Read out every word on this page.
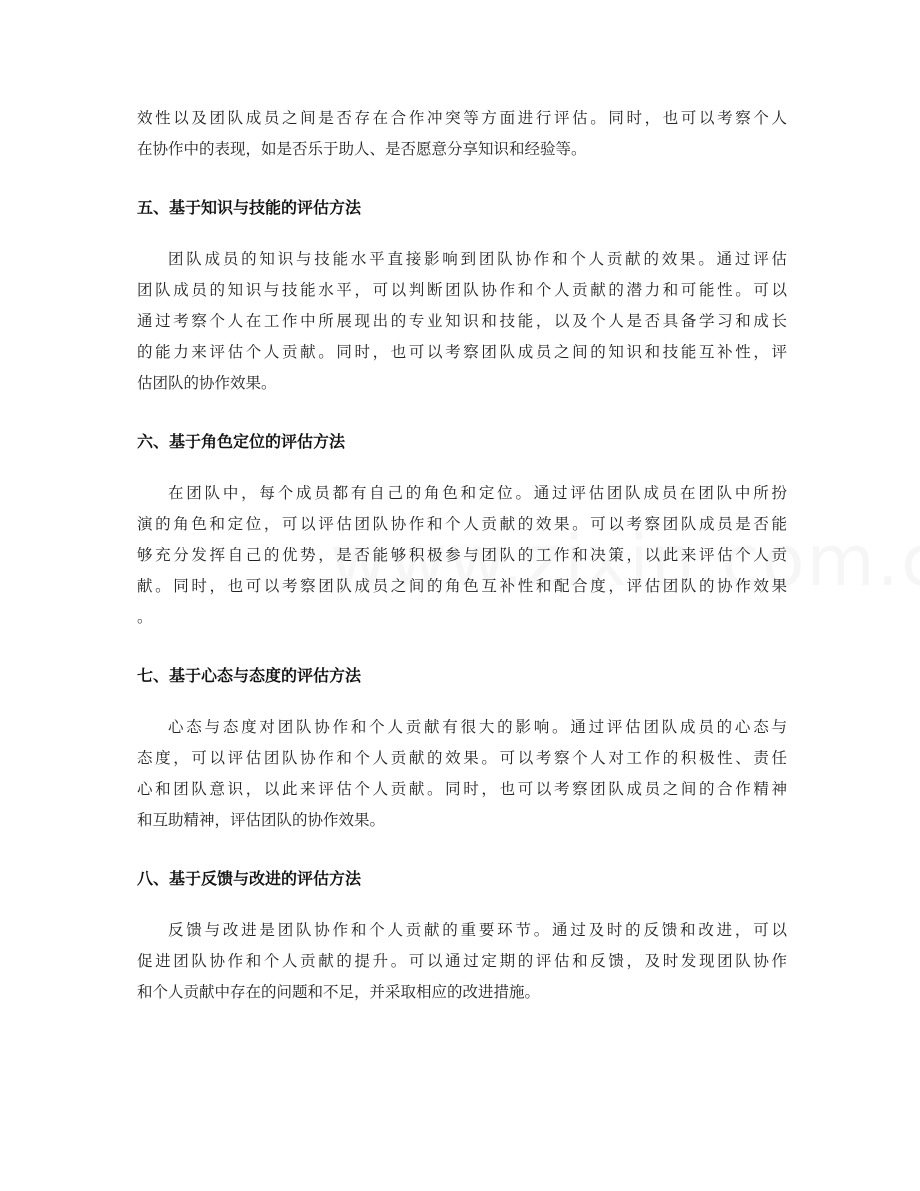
效性以及团队成员之间是否存在合作冲突等方面进行评估。同时，也可以考察个人
在协作中的表现，如是否乐于助人、是否愿意分享知识和经验等。

五、基于知识与技能的评估方法

团队成员的知识与技能水平直接影响到团队协作和个人贡献的效果。通过评估
团队成员的知识与技能水平，可以判断团队协作和个人贡献的潜力和可能性。可以
通过考察个人在工作中所展现出的专业知识和技能，以及个人是否具备学习和成长
的能力来评估个人贡献。同时，也可以考察团队成员之间的知识和技能互补性，评
估团队的协作效果。

六、基于角色定位的评估方法

在团队中，每个成员都有自己的角色和定位。通过评估团队成员在团队中所扮
演的角色和定位，可以评估团队协作和个人贡献的效果。可以考察团队成员是否能
够充分发挥自己的优势，是否能够积极参与团队的工作和决策，以此来评估个人贡
献。同时，也可以考察团队成员之间的角色互补性和配合度，评估团队的协作效果
。

七、基于心态与态度的评估方法

心态与态度对团队协作和个人贡献有很大的影响。通过评估团队成员的心态与
态度，可以评估团队协作和个人贡献的效果。可以考察个人对工作的积极性、责任
心和团队意识，以此来评估个人贡献。同时，也可以考察团队成员之间的合作精神
和互助精神，评估团队的协作效果。

八、基于反馈与改进的评估方法

反馈与改进是团队协作和个人贡献的重要环节。通过及时的反馈和改进，可以
促进团队协作和个人贡献的提升。可以通过定期的评估和反馈，及时发现团队协作
和个人贡献中存在的问题和不足，并采取相应的改进措施。
